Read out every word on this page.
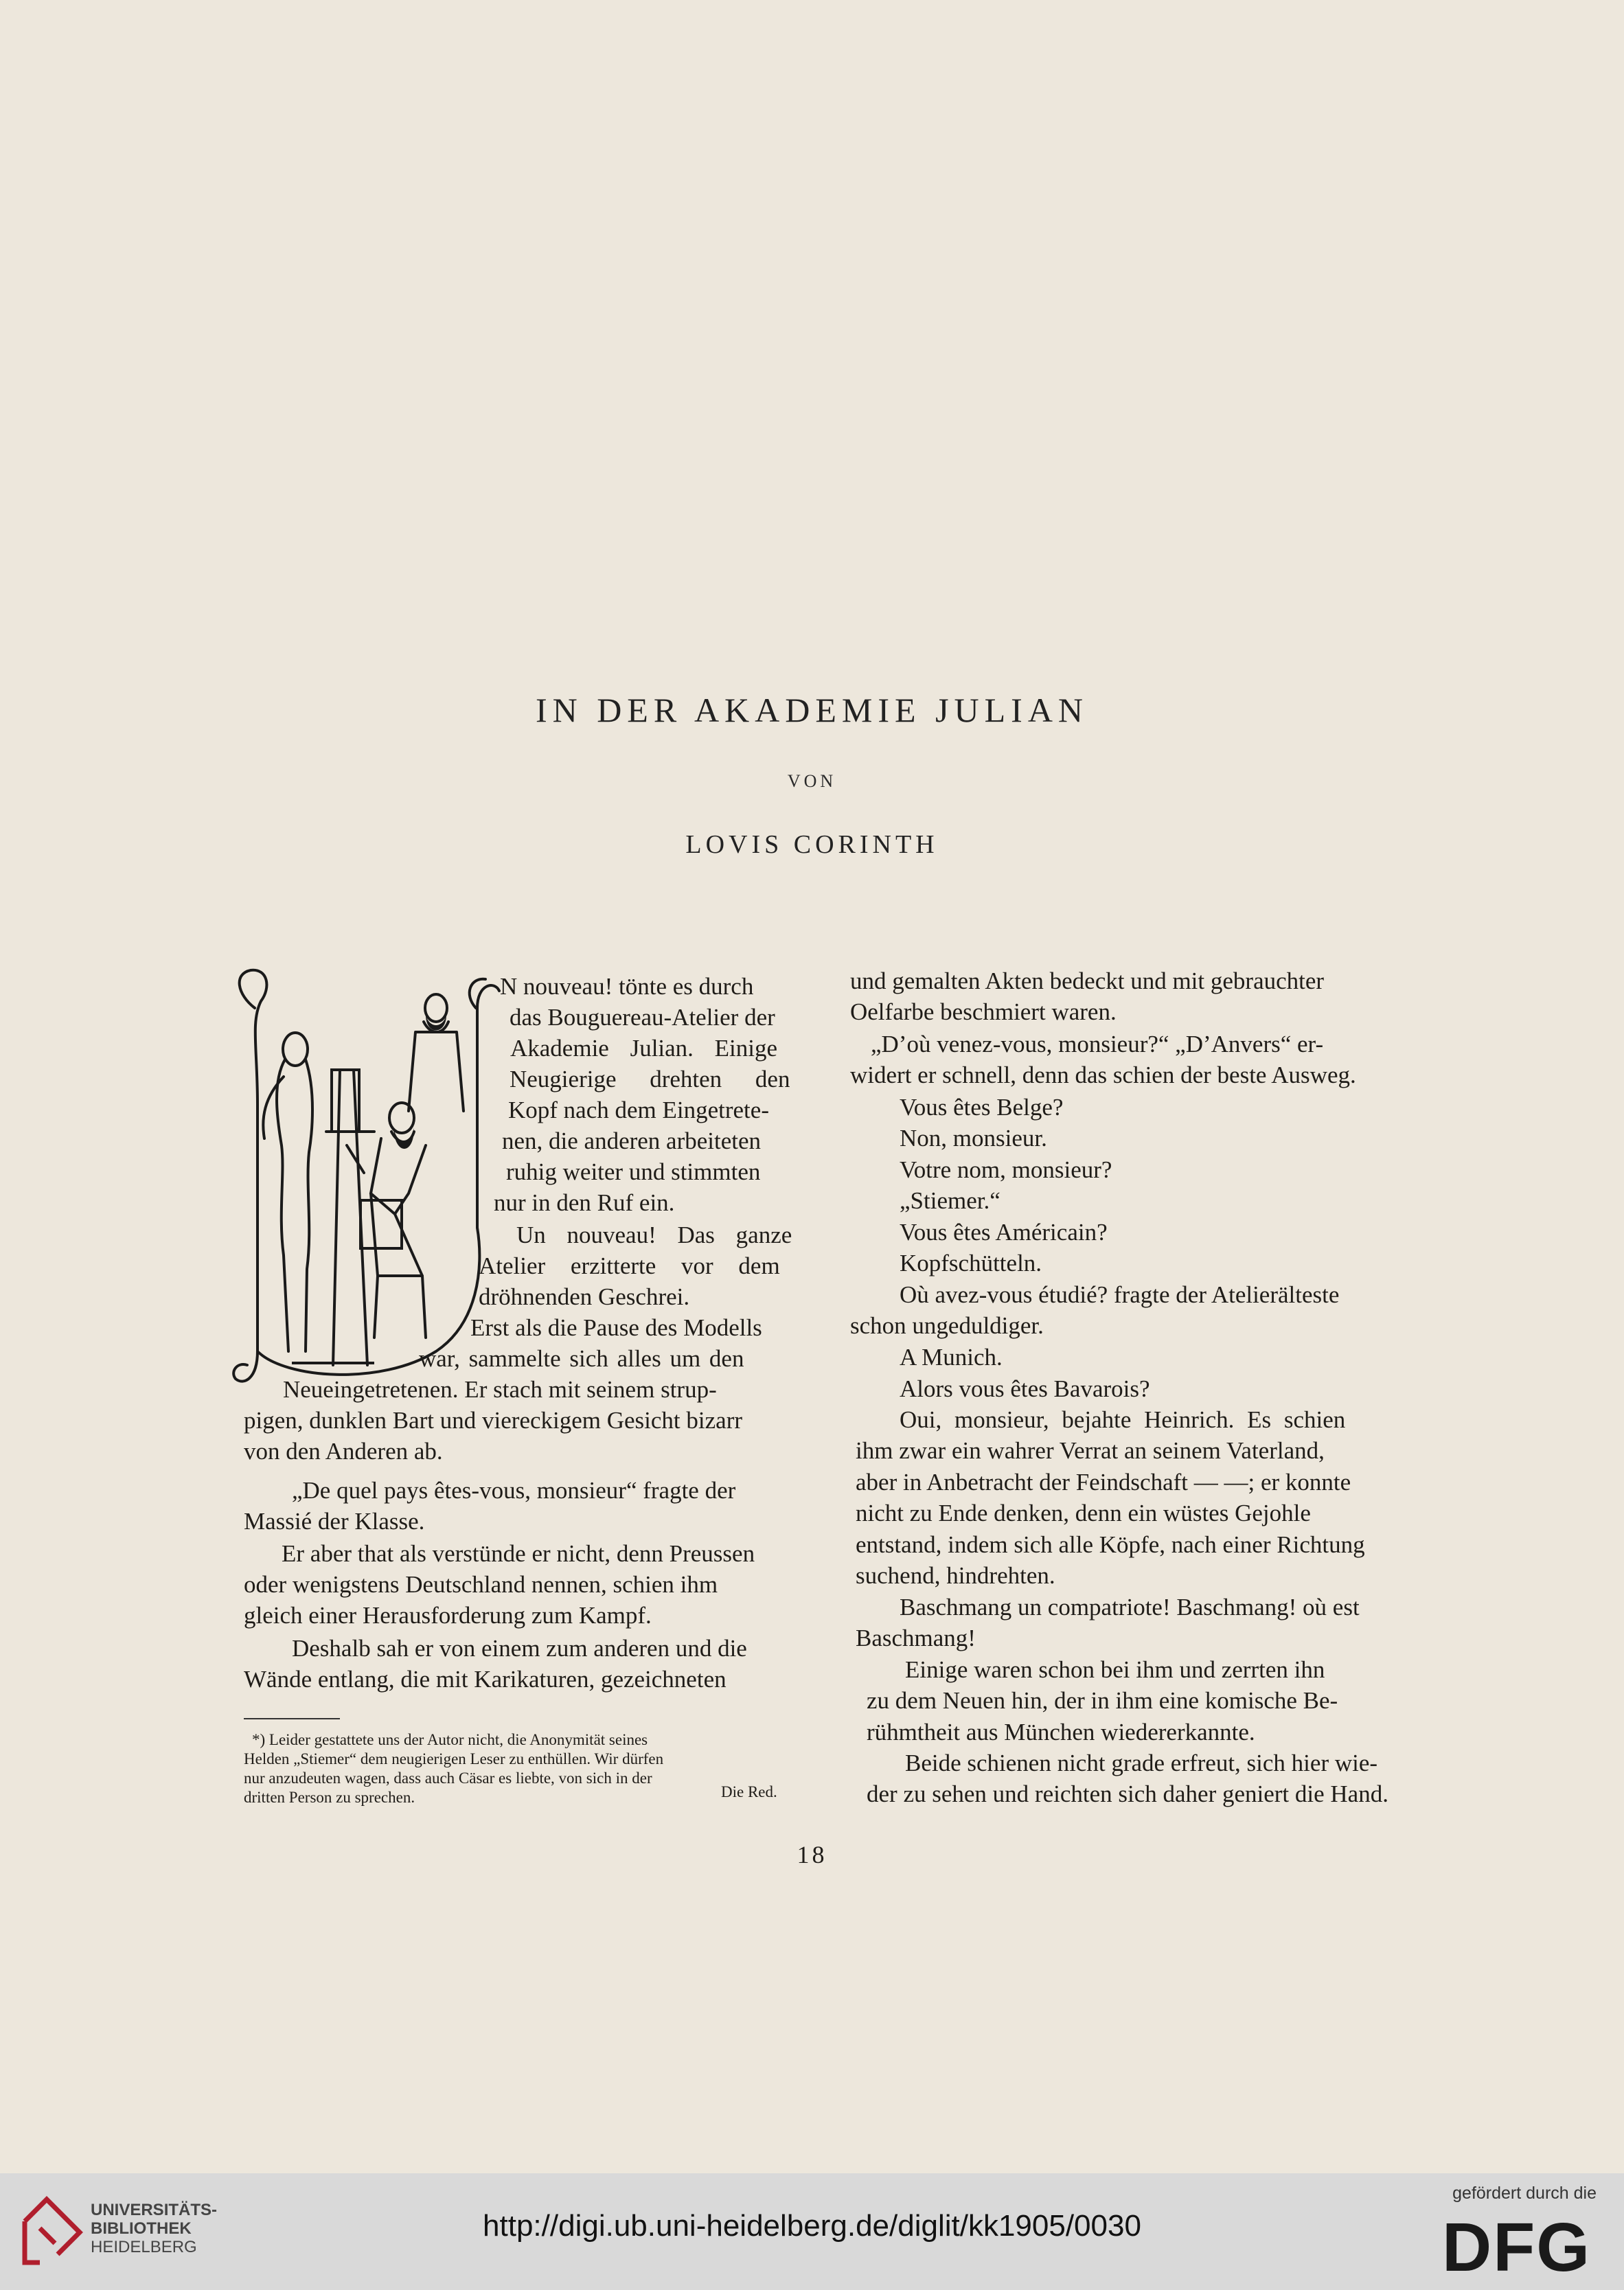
IN DER AKADEMIE JULIAN
VON
LOVIS CORINTH
N nouveau! tönte es durch
das Bouguereau-Atelier der
Akademie Julian. Einige
Neugierige drehten den
Kopf nach dem Eingetrete-
nen, die anderen arbeiteten
ruhig weiter und stimmten
nur in den Ruf ein.
Un nouveau! Das ganze
Atelier erzitterte vor dem
dröhnenden Geschrei.
Erst als die Pause des Modells
war, sammelte sich alles um den
Neueingetretenen. Er stach mit seinem strup-
pigen, dunklen Bart und viereckigem Gesicht bizarr
von den Anderen ab.
„De quel pays êtes-vous, monsieur“ fragte der
Massié der Klasse.
Er aber that als verstünde er nicht, denn Preussen
oder wenigstens Deutschland nennen, schien ihm
gleich einer Herausforderung zum Kampf.
Deshalb sah er von einem zum anderen und die
Wände entlang, die mit Karikaturen, gezeichneten
und gemalten Akten bedeckt und mit gebrauchter
Oelfarbe beschmiert waren.
„D’où venez-vous, monsieur?“ „D’Anvers“ er-
widert er schnell, denn das schien der beste Ausweg.
Vous êtes Belge?
Non, monsieur.
Votre nom, monsieur?
„Stiemer.“
Vous êtes Américain?
Kopfschütteln.
Où avez-vous étudié? fragte der Atelierälteste
schon ungeduldiger.
A Munich.
Alors vous êtes Bavarois?
Oui, monsieur, bejahte Heinrich. Es schien
ihm zwar ein wahrer Verrat an seinem Vaterland,
aber in Anbetracht der Feindschaft — —; er konnte
nicht zu Ende denken, denn ein wüstes Gejohle
entstand, indem sich alle Köpfe, nach einer Richtung
suchend, hindrehten.
Baschmang un compatriote! Baschmang! où est
Baschmang!
Einige waren schon bei ihm und zerrten ihn
zu dem Neuen hin, der in ihm eine komische Be-
rühmtheit aus München wiedererkannte.
Beide schienen nicht grade erfreut, sich hier wie-
der zu sehen und reichten sich daher geniert die Hand.
*) Leider gestattete uns der Autor nicht, die Anonymität seines
Helden „Stiemer“ dem neugierigen Leser zu enthüllen. Wir dürfen
nur anzudeuten wagen, dass auch Cäsar es liebte, von sich in der
dritten Person zu sprechen.	Die Red.
18
UNIVERSITÄTS-
BIBLIOTHEK
HEIDELBERG
http://digi.ub.uni-heidelberg.de/diglit/kk1905/0030
gefördert durch die
DFG
